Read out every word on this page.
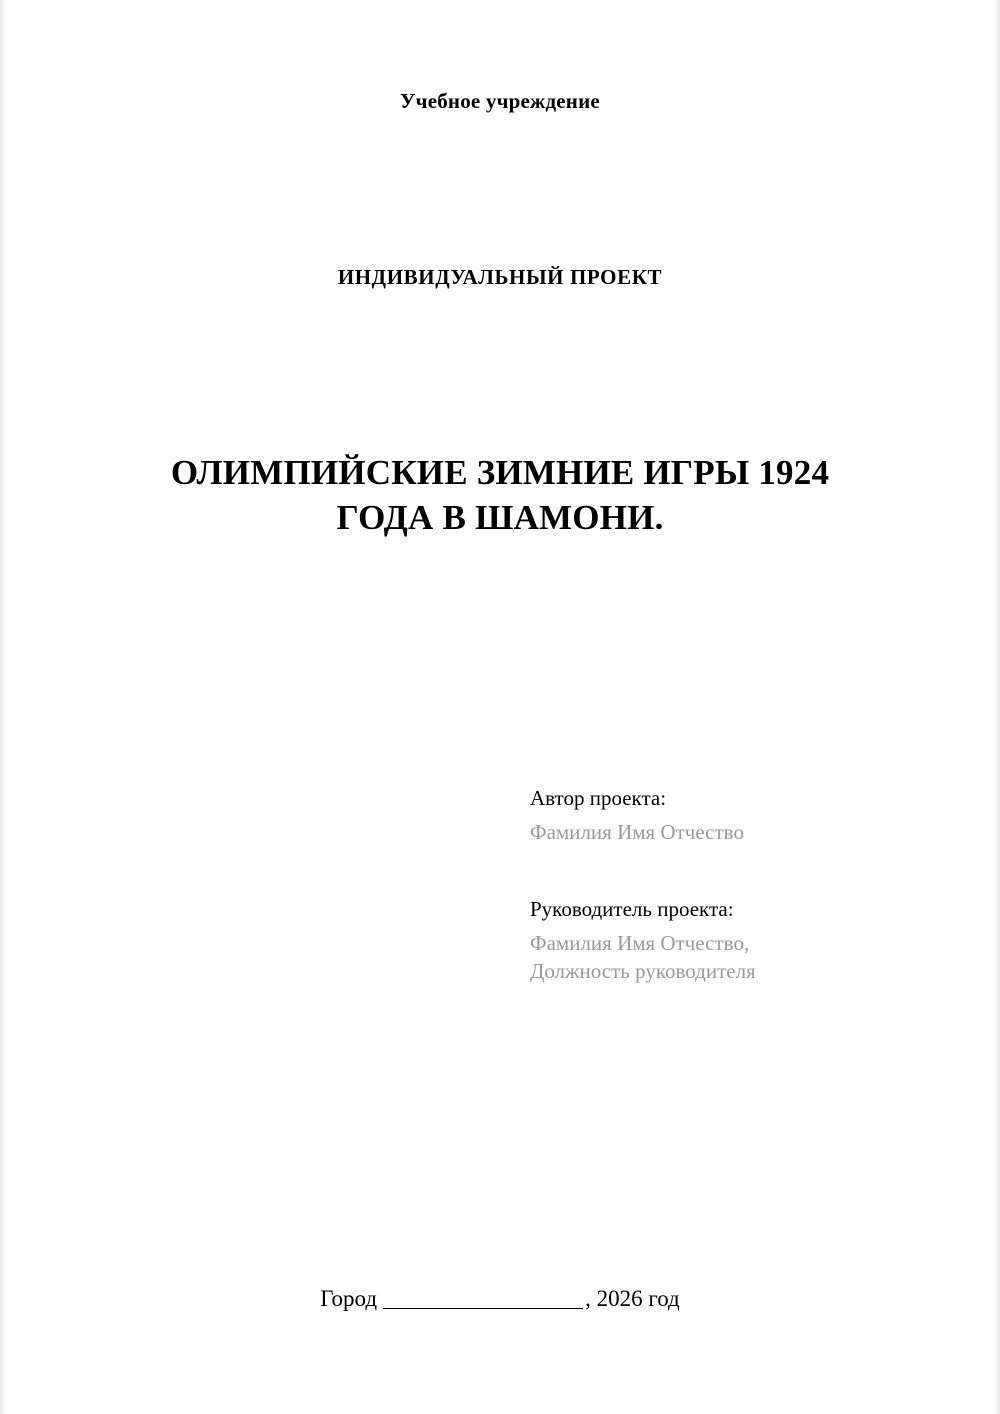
Учебное учреждение
ИНДИВИДУАЛЬНЫЙ ПРОЕКТ
ОЛИМПИЙСКИЕ ЗИМНИЕ ИГРЫ 1924 ГОДА В ШАМОНИ.

Автор проекта:

Фамилия Имя Отчество

Руководитель проекта:

Фамилия Имя Отчество,

Должность руководителя

Город	, 2026 год
